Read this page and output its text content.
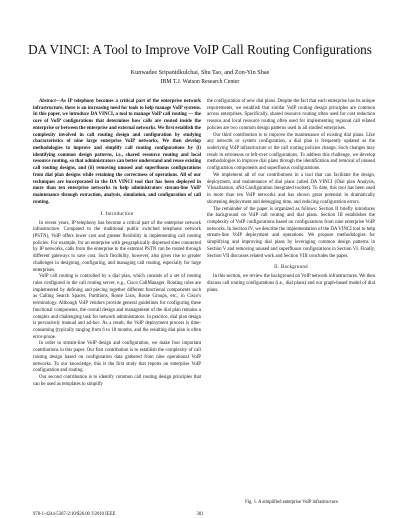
DA VINCI: A Tool to Improve VoIP Call Routing Configurations
Kunwadee Sripanidkulchai, Shu Tao, and Zon-Yin Shae
IBM T.J. Watson Research Center

Abstract—As IP telephony becomes a critical part of the enterprise network infrastructure, there is an increasing need for tools to help manage VoIP systems. In this paper, we introduce DA VINCI, a tool to manage VoIP call routing — the core of VoIP configurations that determines how calls are routed inside the enterprise or between the enterprise and external networks. We first establish the complexity involved in call routing design and configuration by studying characteristics of nine large enterprise VoIP networks. We then develop methodologies to improve and simplify call routing configurations by (i) identifying common design patterns, i.e., shared resource routing and local resource routing, so that administrators can better understand and reuse existing call routing designs, and (ii) removing unused and superfluous configurations from dial plan designs while retaining the correctness of operations. All of our techniques are incorporated in the DA VINCI tool that has been deployed in more than ten enterprise networks to help administrators stream-line VoIP maintenance through extraction, analysis, simulation, and configuration of call routing.

I. Introduction

In recent years, IP telephony has become a critical part of the enterprise network infrastructure. Compared to the traditional public switched telephone network (PSTN), VoIP offers lower cost and greater flexibility in implementing call routing policies. For example, for an enterprise with geographically dispersed sites connected by IP networks, calls from the enterprise to the external PSTN can be routed through different gateways to save cost. Such flexibility, however, also gives rise to greater challenges in designing, configuring, and managing call routing, especially for large enterprises.

VoIP call routing is controlled by a dial plan, which consists of a set of routing rules configured in the call routing server, e.g., Cisco CallManager. Routing rules are implemented by defining and piecing together different functional components such as Calling Search Spaces, Partitions, Route Lists, Route Groups, etc., in Cisco's terminology. Although VoIP vendors provide general guidelines for configuring these functional components, the overall design and management of the dial plan remains a complex and challenging task for network administrators. In practice, dial plan design is pervasively manual and ad-hoc. As a result, the VoIP deployment process is time-consuming (typically ranging from 6 to 18 months, and the resulting dial plan is often error-prone.

In order to stream-line VoIP design and configuration, we make four important contributions in this paper. Our first contribution is to establish the complexity of call routing design based on configuration data gathered from nine operational VoIP networks. To our knowledge, this is the first study that reports on enterprise VoIP configuration and routing.

Our second contribution is to identify common call routing design principles that can be used as templates to simplify

the configuration of new dial plans. Despite the fact that each enterprise has its unique requirements, we establish that similar VoIP routing design principles are common across enterprises. Specifically, shared resource routing often used for cost reduction reasons and local resource routing often used for implementing regional call related policies are two common design patterns used in all studied enterprises.

Our third contribution is to improve the maintenance of existing dial plans. Like any network or system configuration, a dial plan is frequently updated as the underlying VoIP infrastructure or the call routing policies change. Such changes may result in erroneous or left-over configurations. To address this challenge, we develop methodologies to improve dial plans through the identification and removal of unused configuration components and superfluous configurations.

We implement all of our contributions in a tool that can facilitate the design, deployment, and maintenance of dial plans called DA VINCI (Dial plan Analysis, VIsualization, aNd Configuration Integrated toolset). To date, this tool has been used in more than ten VoIP networks and has shown great potential in dramatically shortening deployment and debugging time, and reducing configuration errors.

The remainder of the paper is organized as follows: Section II briefly introduces the background on VoIP call routing and dial plans. Section III establishes the complexity of VoIP configurations based on configurations from nine enterprise VoIP networks. In Section IV, we describe the implementation of the DA VINCI tool to help stream-line VoIP deployment and operations. We propose methodologies for simplifying and improving dial plans by leveraging common design patterns in Section V and removing unused and superfluous configurations in Section VI. Finally, Section VII discusses related work and Section VIII concludes the paper.

II. Background

In this section, we review the background on VoIP network infrastructures. We then discuss call routing configurations (i.e., dial plans) and our graph-based model of dial plans.

Fig. 1. A simplified enterprise VoIP infrastructure.
978-1-4244-5367-2/10/$26.00 ©2010 IEEE	301
